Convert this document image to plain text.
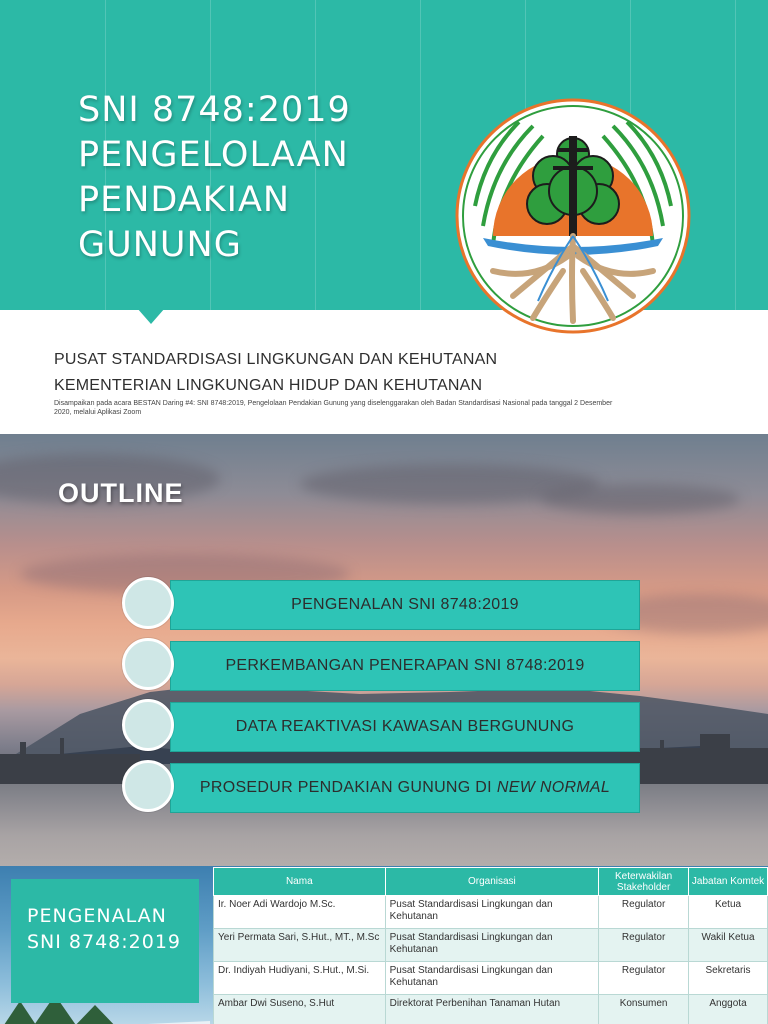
SNI 8748:2019
PENGELOLAAN
PENDAKIAN
GUNUNG
PUSAT STANDARDISASI LINGKUNGAN DAN KEHUTANAN
KEMENTERIAN LINGKUNGAN HIDUP DAN KEHUTANAN
Disampaikan pada acara BESTAN Daring #4: SNI 8748:2019, Pengelolaan Pendakian Gunung yang diselenggarakan oleh Badan Standardisasi Nasional pada tanggal 2 Desember 2020, melalui Aplikasi Zoom
OUTLINE
PENGENALAN SNI 8748:2019
PERKEMBANGAN PENERAPAN SNI 8748:2019
DATA REAKTIVASI KAWASAN BERGUNUNG
PROSEDUR PENDAKIAN GUNUNG DI NEW NORMAL
PENGENALAN
SNI 8748:2019
Nama	Organisasi	Keterwakilan Stakeholder	Jabatan Komtek
Ir. Noer Adi Wardojo M.Sc.	Pusat Standardisasi Lingkungan dan Kehutanan	Regulator	Ketua
Yeri Permata Sari, S.Hut., MT., M.Sc	Pusat Standardisasi Lingkungan dan Kehutanan	Regulator	Wakil Ketua
Dr. Indiyah Hudiyani, S.Hut., M.Si.	Pusat Standardisasi Lingkungan dan Kehutanan	Regulator	Sekretaris
Ambar Dwi Suseno, S.Hut	Direktorat Perbenihan Tanaman Hutan	Konsumen	Anggota
